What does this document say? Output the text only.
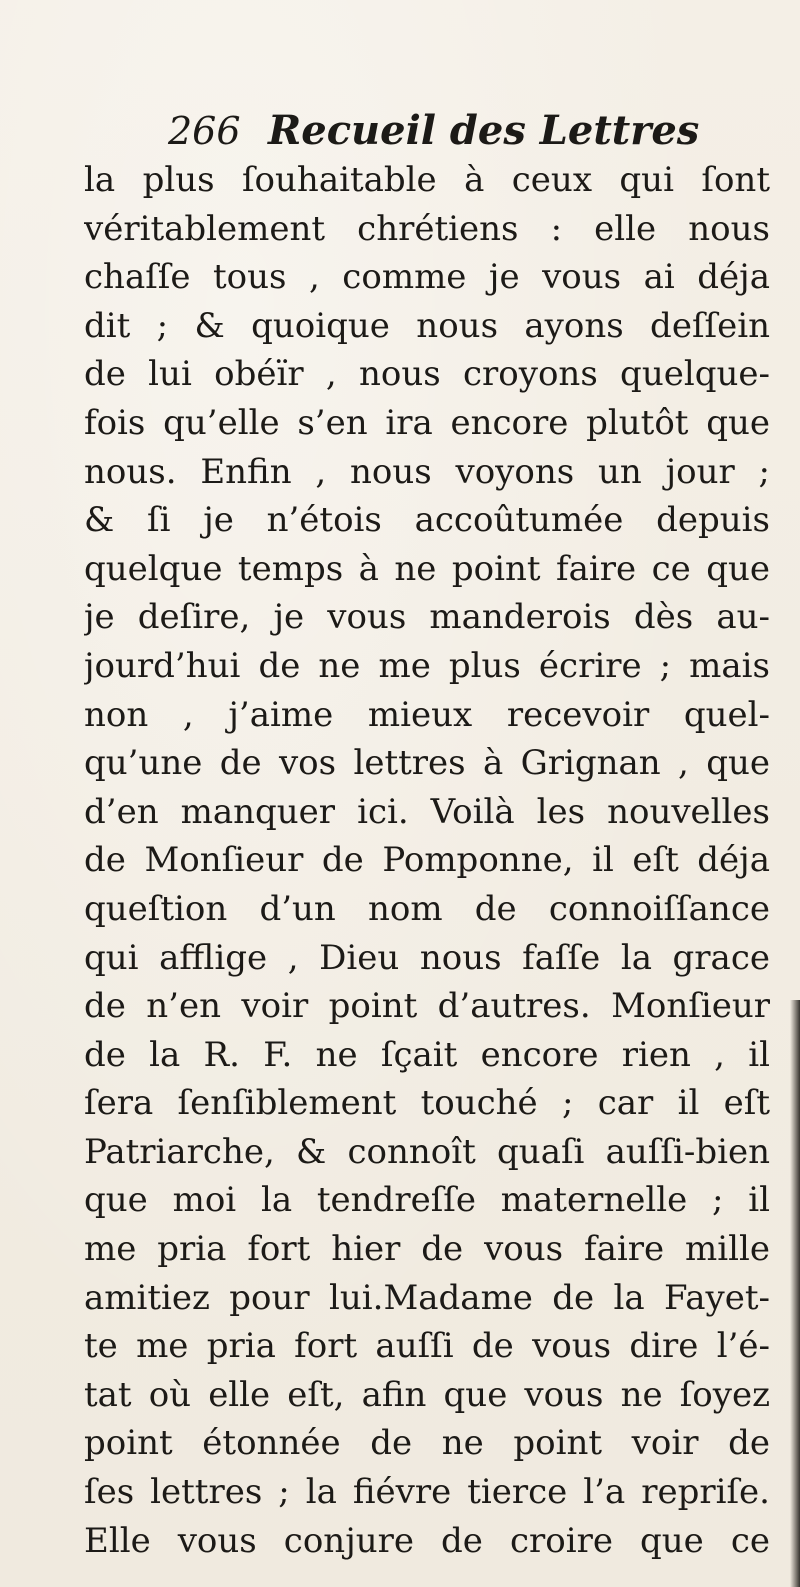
266 Recueil des Lettres
la plus ſouhaitable à ceux qui ſont
véritablement chrétiens : elle nous
chaſſe tous , comme je vous ai déja
dit ; & quoique nous ayons deſſein
de lui obéïr , nous croyons quelque-
fois qu’elle s’en ira encore plutôt que
nous. Enfin , nous voyons un jour ;
& ſi je n’étois accoûtumée depuis
quelque temps à ne point faire ce que
je deſire, je vous manderois dès au-
jourd’hui de ne me plus écrire ; mais
non , j’aime mieux recevoir quel-
qu’une de vos lettres à Grignan , que
d’en manquer ici. Voilà les nouvelles
de Monſieur de Pomponne, il eſt déja
queſtion d’un nom de connoiſſance
qui afflige , Dieu nous faſſe la grace
de n’en voir point d’autres. Monſieur
de la R. F. ne ſçait encore rien , il
ſera ſenſiblement touché ; car il eſt
Patriarche, & connoît quaſi auſſi-bien
que moi la tendreſſe maternelle ; il
me pria fort hier de vous faire mille
amitiez pour lui.Madame de la Fayet-
te me pria fort auſſi de vous dire l’é-
tat où elle eſt, afin que vous ne ſoyez
point étonnée de ne point voir de
ſes lettres ; la fiévre tierce l’a repriſe.
Elle vous conjure de croire que ce
